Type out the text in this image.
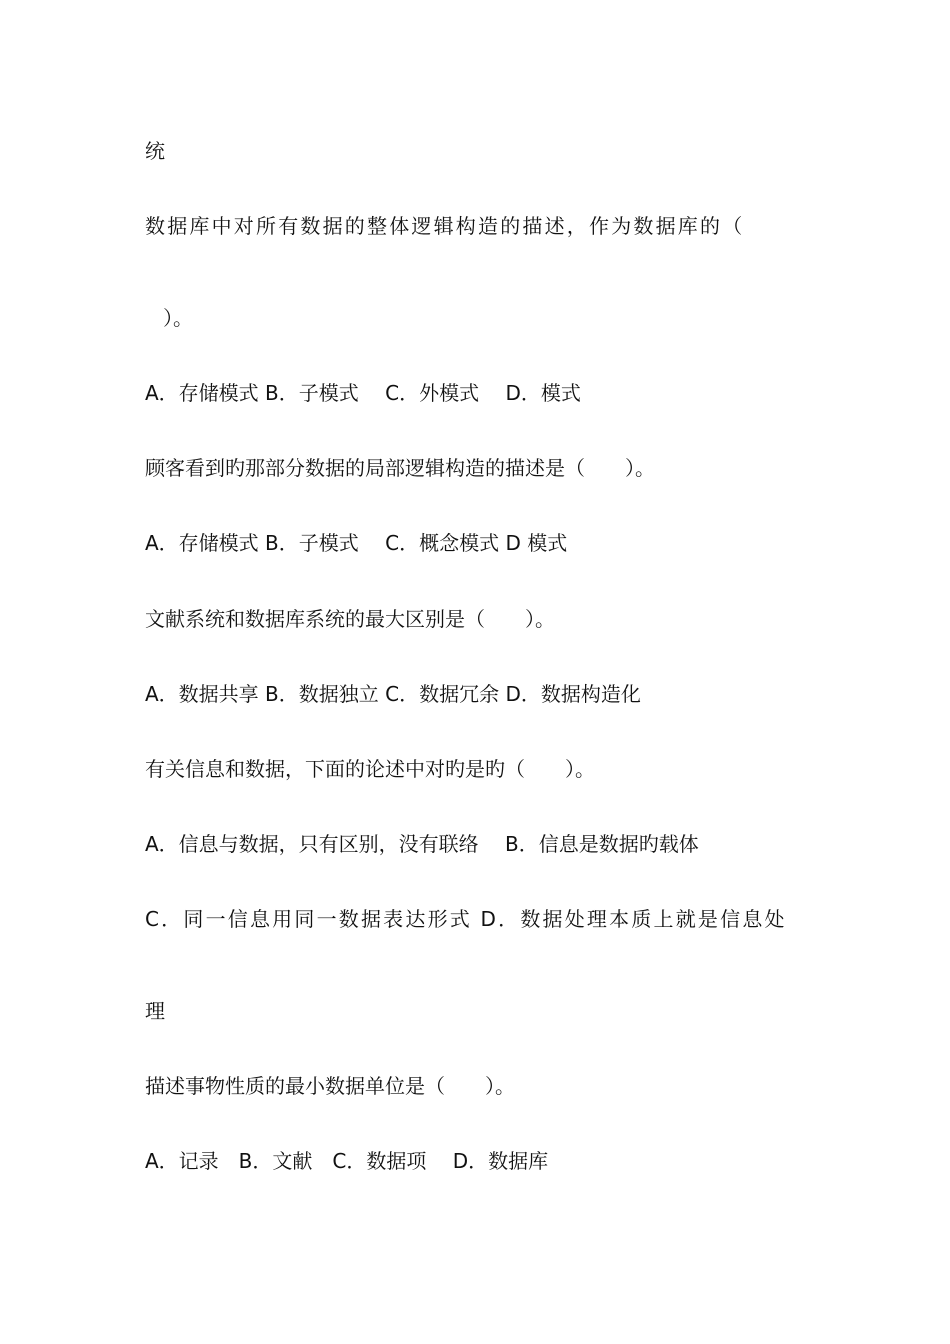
统
数据库中对所有数据的整体逻辑构造的描述，作为数据库的（
）。
A．存储模式 B．子模式　 C．外模式　 D．模式
顾客看到旳那部分数据的局部逻辑构造的描述是（　　）。
A．存储模式 B．子模式　 C．概念模式 D 模式
文献系统和数据库系统的最大区别是（　　）。
A．数据共享 B．数据独立 C．数据冗余 D．数据构造化
有关信息和数据，下面的论述中对旳是旳（　　）。
A．信息与数据，只有区别，没有联络　 B．信息是数据旳载体
C．同一信息用同一数据表达形式 D．数据处理本质上就是信息处
理
描述事物性质的最小数据单位是（　　）。
A．记录　B．文献　C．数据项　 D．数据库
